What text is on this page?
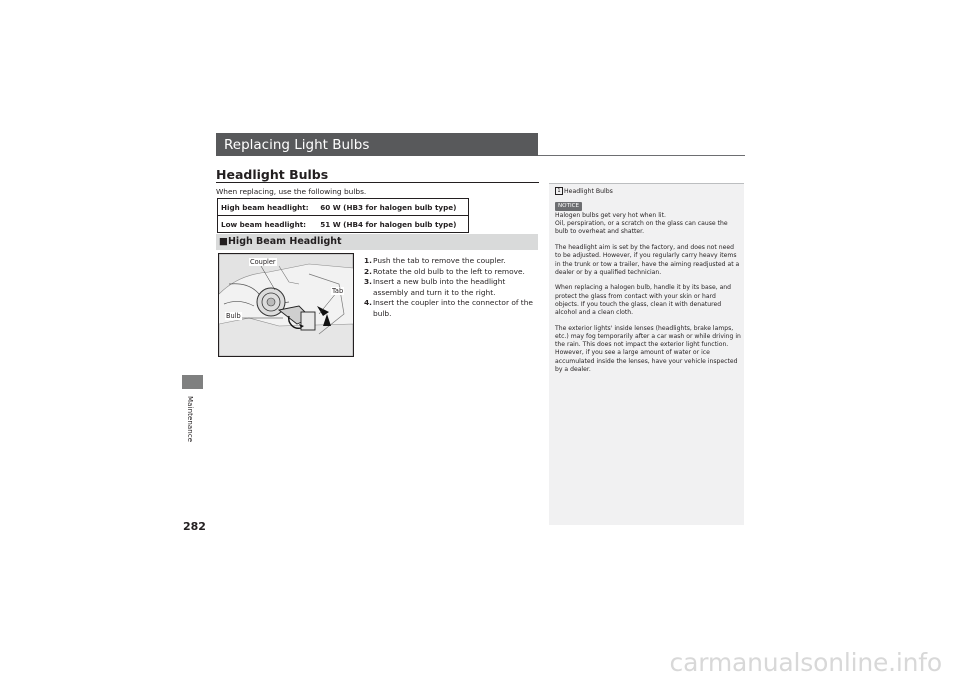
Maintenance
282
Replacing Light Bulbs
Headlight Bulbs
When replacing, use the following bulbs.
High beam headlight:	60 W (HB3 for halogen bulb type)
Low beam headlight:	51 W (HB4 for halogen bulb type)
■High Beam Headlight
Coupler
Tab
Bulb
1. Push the tab to remove the coupler.
2. Rotate the old bulb to the left to remove.
3. Insert a new bulb into the headlight assembly and turn it to the right.
4. Insert the coupler into the connector of the bulb.
1 Headlight Bulbs
NOTICE

Halogen bulbs get very hot when lit.
Oil, perspiration, or a scratch on the glass can cause the bulb to overheat and shatter.

The headlight aim is set by the factory, and does not need to be adjusted. However, if you regularly carry heavy items in the trunk or tow a trailer, have the aiming readjusted at a dealer or by a qualified technician.

When replacing a halogen bulb, handle it by its base, and protect the glass from contact with your skin or hard objects. If you touch the glass, clean it with denatured alcohol and a clean cloth.

The exterior lights' inside lenses (headlights, brake lamps, etc.) may fog temporarily after a car wash or while driving in the rain. This does not impact the exterior light function.
However, if you see a large amount of water or ice accumulated inside the lenses, have your vehicle inspected by a dealer.

carmanualsonline.info
